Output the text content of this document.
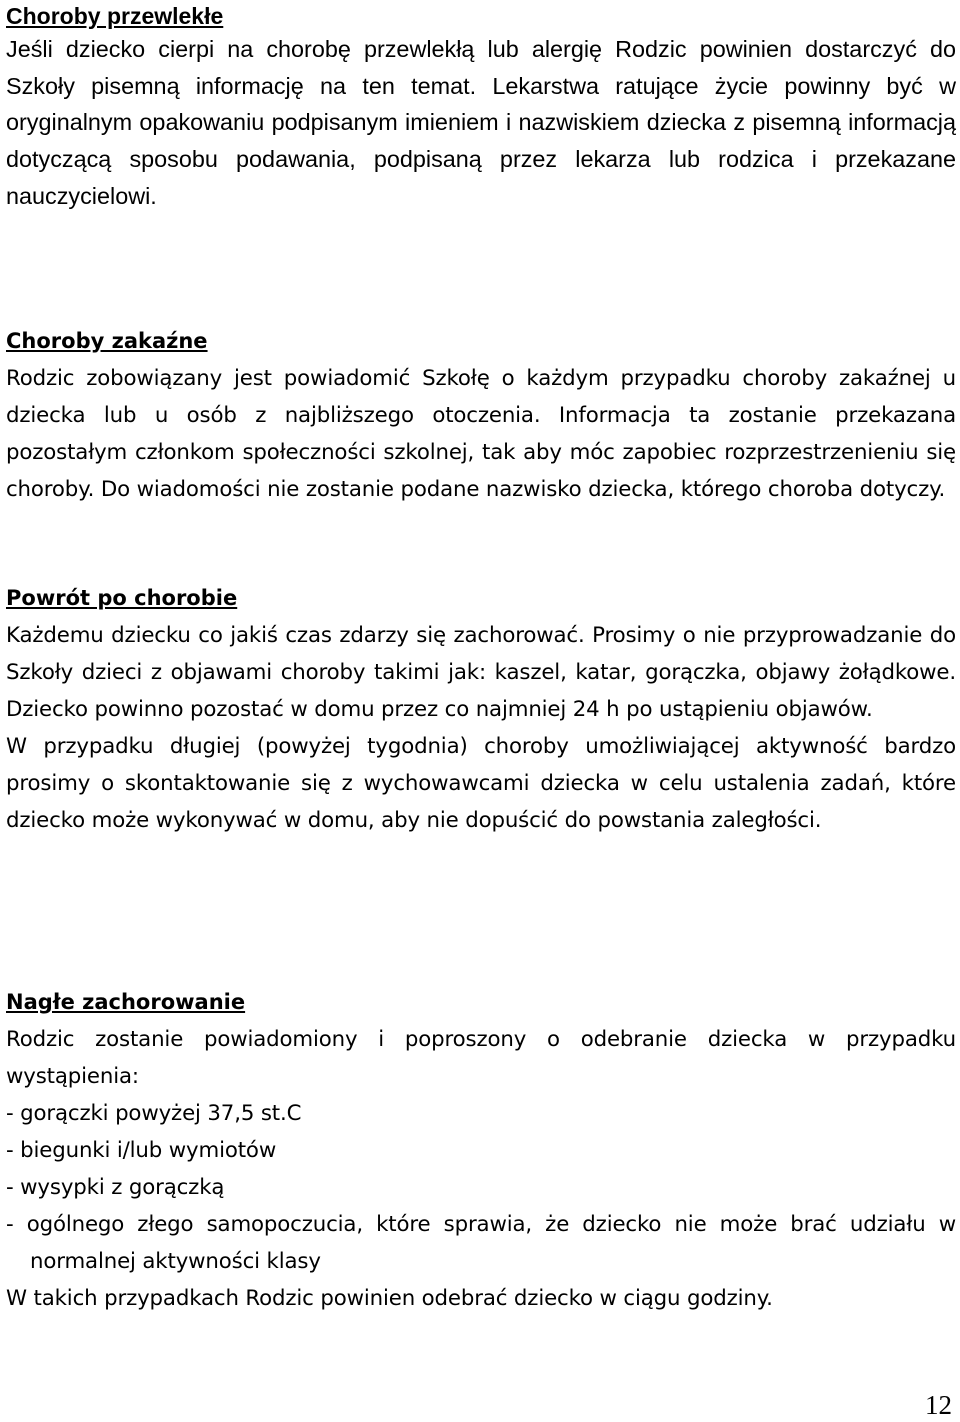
Choroby przewlekłe

Jeśli dziecko cierpi na chorobę przewlekłą lub alergię Rodzic powinien dostarczyć do Szkoły pisemną informację na ten temat. Lekarstwa ratujące życie powinny być w oryginalnym opakowaniu podpisanym imieniem i nazwiskiem dziecka z pisemną informacją dotyczącą sposobu podawania, podpisaną przez lekarza lub rodzica i przekazane nauczycielowi.

Choroby zakaźne

Rodzic zobowiązany jest powiadomić Szkołę o każdym przypadku choroby zakaźnej u dziecka lub u osób z najbliższego otoczenia. Informacja ta zostanie przekazana pozostałym członkom społeczności szkolnej, tak aby móc zapobiec rozprzestrzenieniu się choroby. Do wiadomości nie zostanie podane nazwisko dziecka, którego choroba dotyczy.

Powrót po chorobie

Każdemu dziecku co jakiś czas zdarzy się zachorować. Prosimy o nie przyprowadzanie do Szkoły dzieci z objawami choroby takimi jak: kaszel, katar, gorączka, objawy żołądkowe. Dziecko powinno pozostać w domu przez co najmniej 24 h po ustąpieniu objawów.

W przypadku długiej (powyżej tygodnia) choroby umożliwiającej aktywność bardzo prosimy o skontaktowanie się z wychowawcami dziecka w celu ustalenia zadań, które dziecko może wykonywać w domu, aby nie dopuścić do powstania zaległości.

Nagłe zachorowanie

Rodzic zostanie powiadomiony i poproszony o odebranie dziecka w przypadku wystąpienia:

- gorączki powyżej 37,5 st.C
- biegunki i/lub wymiotów
- wysypki z gorączką
- ogólnego złego samopoczucia, które sprawia, że dziecko nie może brać udziału w normalnej aktywności klasy

W takich przypadkach Rodzic powinien odebrać dziecko w ciągu godziny.

12
